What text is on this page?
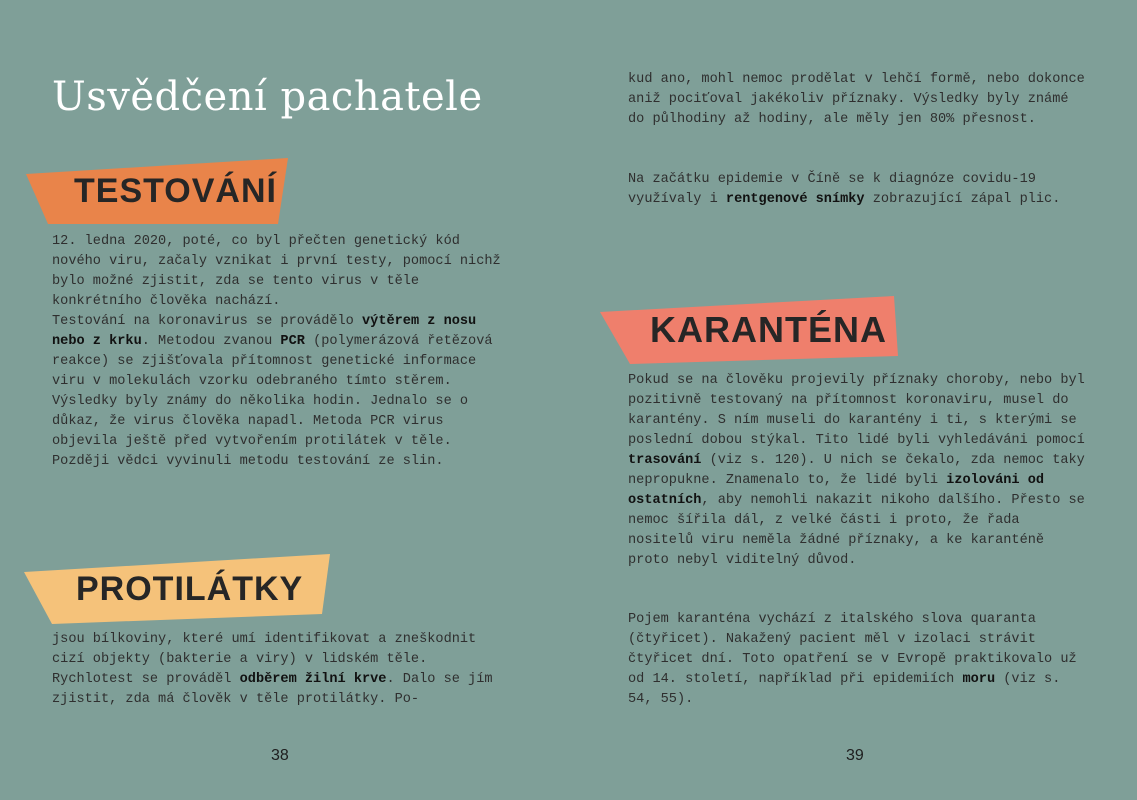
Usvědčení pachatele
TESTOVÁNÍ

12. ledna 2020, poté, co byl přečten genetický kód nového viru, začaly vznikat i první testy, pomocí nichž bylo možné zjistit, zda se tento virus v těle konkrétního člověka nachází.
Testování na koronavirus se provádělo výtěrem z nosu nebo z krku. Metodou zvanou PCR (polymerázová řetězová reakce) se zjišťovala přítomnost genetické informace viru v molekulách vzorku odebraného tímto stěrem. Výsledky byly známy do několika hodin. Jednalo se o důkaz, že virus člověka napadl. Metoda PCR virus objevila ještě před vytvořením protilátek v těle. Později vědci vyvinuli metodu testování ze slin.

PROTILÁTKY

jsou bílkoviny, které umí identifikovat a zneškodnit cizí objekty (bakterie a viry) v lidském těle. Rychlotest se prováděl odběrem žilní krve. Dalo se jím zjistit, zda má člověk v těle protilátky. Po-

38

kud ano, mohl nemoc prodělat v lehčí formě, nebo dokonce aniž pociťoval jakékoliv příznaky. Výsledky byly známé do půlhodiny až hodiny, ale měly jen 80% přesnost.

Na začátku epidemie v Číně se k diagnóze covidu-19 využívaly i rentgenové snímky zobrazující zápal plic.

KARANTÉNA

Pokud se na člověku projevily příznaky choroby, nebo byl pozitivně testovaný na přítomnost koronaviru, musel do karantény. S ním museli do karantény i ti, s kterými se poslední dobou stýkal. Tito lidé byli vyhledáváni pomocí trasování (viz s. 120). U nich se čekalo, zda nemoc taky nepropukne. Znamenalo to, že lidé byli izolováni od ostatních, aby nemohli nakazit nikoho dalšího. Přesto se nemoc šířila dál, z velké části i proto, že řada nositelů viru neměla žádné příznaky, a ke karanténě proto nebyl viditelný důvod.

Pojem karanténa vychází z italského slova quaranta (čtyřicet). Nakažený pacient měl v izolaci strávit čtyřicet dní. Toto opatření se v Evropě praktikovalo už od 14. století, například při epidemiích moru (viz s. 54, 55).

39
